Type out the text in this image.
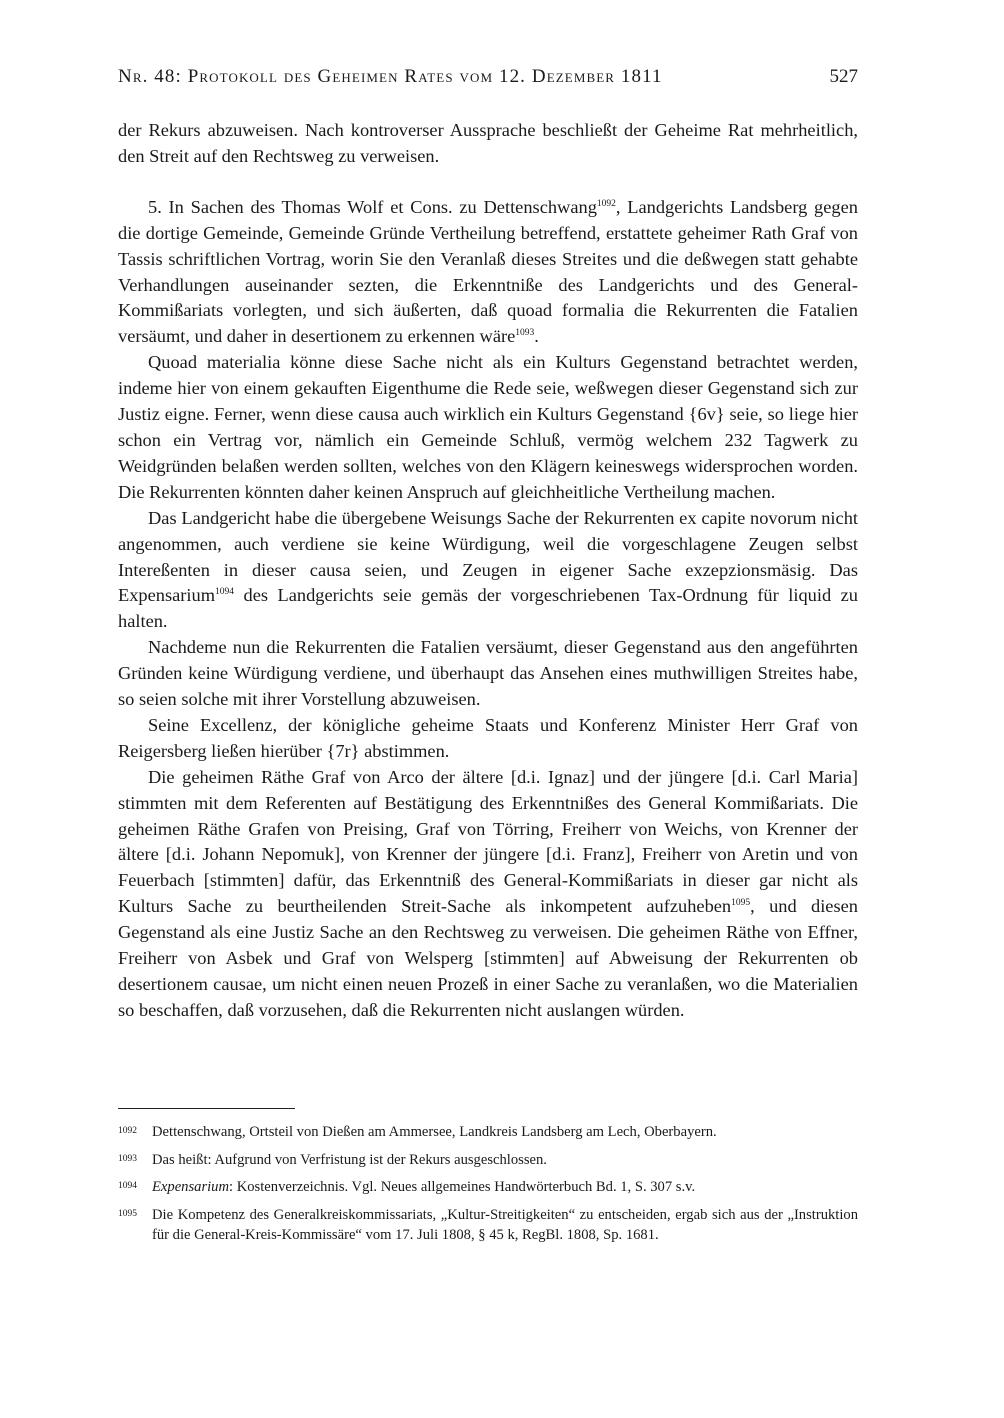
Nr. 48: Protokoll des Geheimen Rates vom 12. Dezember 1811	527

der Rekurs abzuweisen. Nach kontroverser Aussprache beschließt der Geheime Rat mehrheitlich, den Streit auf den Rechtsweg zu verweisen.

5. In Sachen des Thomas Wolf et Cons. zu Dettenschwang$^{1092}$, Landgerichts Landsberg gegen die dortige Gemeinde, Gemeinde Gründe Vertheilung betreffend, erstattete geheimer Rath Graf von Tassis schriftlichen Vortrag, worin Sie den Veranlaß dieses Streites und die deßwegen statt gehabte Verhandlungen auseinander sezten, die Erkenntniße des Landgerichts und des General-Kommißariats vorlegten, und sich äußerten, daß quoad formalia die Rekurrenten die Fatalien versäumt, und daher in desertionem zu erkennen wäre$^{1093}$.

Quoad materialia könne diese Sache nicht als ein Kulturs Gegenstand betrachtet werden, indeme hier von einem gekauften Eigenthume die Rede seie, weßwegen dieser Gegenstand sich zur Justiz eigne. Ferner, wenn diese causa auch wirklich ein Kulturs Gegenstand {6v} seie, so liege hier schon ein Vertrag vor, nämlich ein Gemeinde Schluß, vermög welchem 232 Tagwerk zu Weidgründen belaßen werden sollten, welches von den Klägern keineswegs widersprochen worden. Die Rekurrenten könnten daher keinen Anspruch auf gleichheitliche Vertheilung machen.

Das Landgericht habe die übergebene Weisungs Sache der Rekurrenten ex capite novorum nicht angenommen, auch verdiene sie keine Würdigung, weil die vorgeschlagene Zeugen selbst Intereßenten in dieser causa seien, und Zeugen in eigener Sache exzepzionsmäsig. Das Expensarium$^{1094}$ des Landgerichts seie gemäs der vorgeschriebenen Tax-Ordnung für liquid zu halten.

Nachdeme nun die Rekurrenten die Fatalien versäumt, dieser Gegenstand aus den angeführten Gründen keine Würdigung verdiene, und überhaupt das Ansehen eines muthwilligen Streites habe, so seien solche mit ihrer Vorstellung abzuweisen.

Seine Excellenz, der königliche geheime Staats und Konferenz Minister Herr Graf von Reigersberg ließen hierüber {7r} abstimmen.

Die geheimen Räthe Graf von Arco der ältere [d.i. Ignaz] und der jüngere [d.i. Carl Maria] stimmten mit dem Referenten auf Bestätigung des Erkenntnißes des General Kommißariats. Die geheimen Räthe Grafen von Preising, Graf von Törring, Freiherr von Weichs, von Krenner der ältere [d.i. Johann Nepomuk], von Krenner der jüngere [d.i. Franz], Freiherr von Aretin und von Feuerbach [stimmten] dafür, das Erkenntniß des General-Kommißariats in dieser gar nicht als Kulturs Sache zu beurtheilenden Streit-Sache als inkompetent aufzuheben$^{1095}$, und diesen Gegenstand als eine Justiz Sache an den Rechtsweg zu verweisen. Die geheimen Räthe von Effner, Freiherr von Asbek und Graf von Welsperg [stimmten] auf Abweisung der Rekurrenten ob desertionem causae, um nicht einen neuen Prozeß in einer Sache zu veranlaßen, wo die Materialien so beschaffen, daß vorzusehen, daß die Rekurrenten nicht auslangen würden.

1092 Dettenschwang, Ortsteil von Dießen am Ammersee, Landkreis Landsberg am Lech, Oberbayern.
1093 Das heißt: Aufgrund von Verfristung ist der Rekurs ausgeschlossen.
1094 Expensarium: Kostenverzeichnis. Vgl. Neues allgemeines Handwörterbuch Bd. 1, S. 307 s.v.
1095 Die Kompetenz des Generalkreiskommissariats, „Kultur-Streitigkeiten“ zu entscheiden, ergab sich aus der „Instruktion für die General-Kreis-Kommissäre“ vom 17. Juli 1808, § 45 k, RegBl. 1808, Sp. 1681.
